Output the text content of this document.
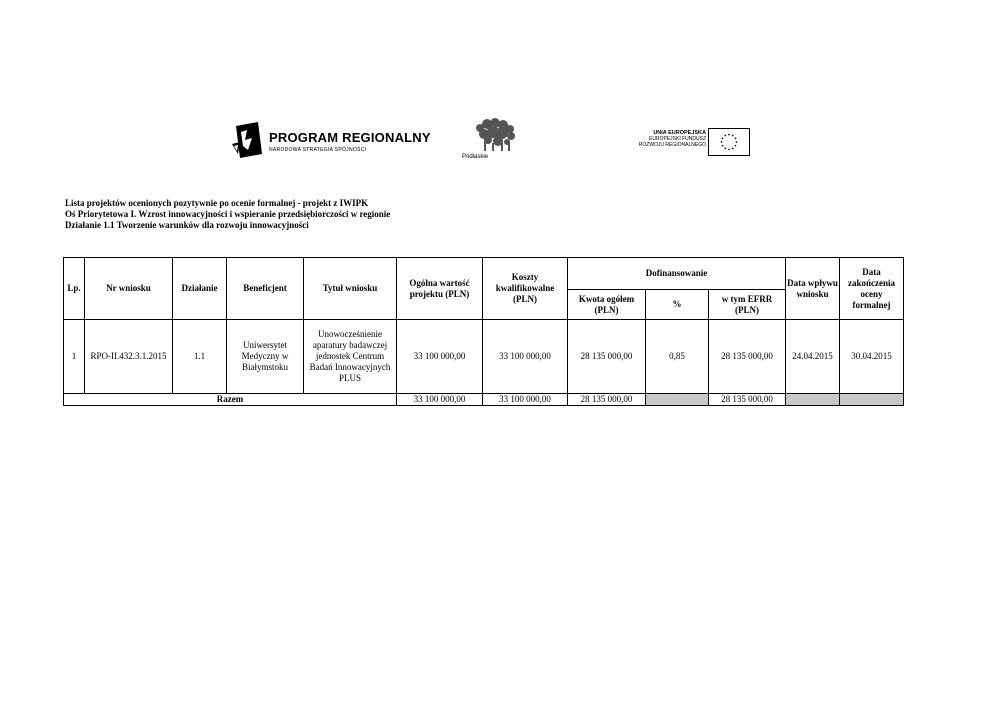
PROGRAM REGIONALNY
NARODOWA STRATEGIA SPÓJNOŚCI
Podlaskie
UNIA EUROPEJSKA
EUROPEJSKI FUNDUSZ
ROZWOJU REGIONALNEGO
Lista projektów ocenionych pozytywnie po ocenie formalnej - projekt z IWIPK
Oś Priorytetowa I. Wzrost innowacyjności i wspieranie przedsiębiorczości w regionie
Działanie 1.1 Tworzenie warunków dla rozwoju innowacyjności
Lp.	Nr wniosku	Działanie	Beneficjent	Tytuł wniosku	Ogólna wartość projektu (PLN)	Koszty kwalifikowalne (PLN)	Dofinansowanie			Data wpływu wniosku	Data zakończenia oceny formalnej
							Kwota ogółem (PLN)	%	w tym EFRR (PLN)		
1	RPO-II.432.3.1.2015	1.1	Uniwersytet Medyczny w Białymstoku	Unowocześnienie aparatury badawczej jednostek Centrum Badań Innowacyjnych PLUS	33 100 000,00	33 100 000,00	28 135 000,00	0,85	28 135 000,00	24.04.2015	30.04.2015
Razem					33 100 000,00	33 100 000,00	28 135 000,00		28 135 000,00		
